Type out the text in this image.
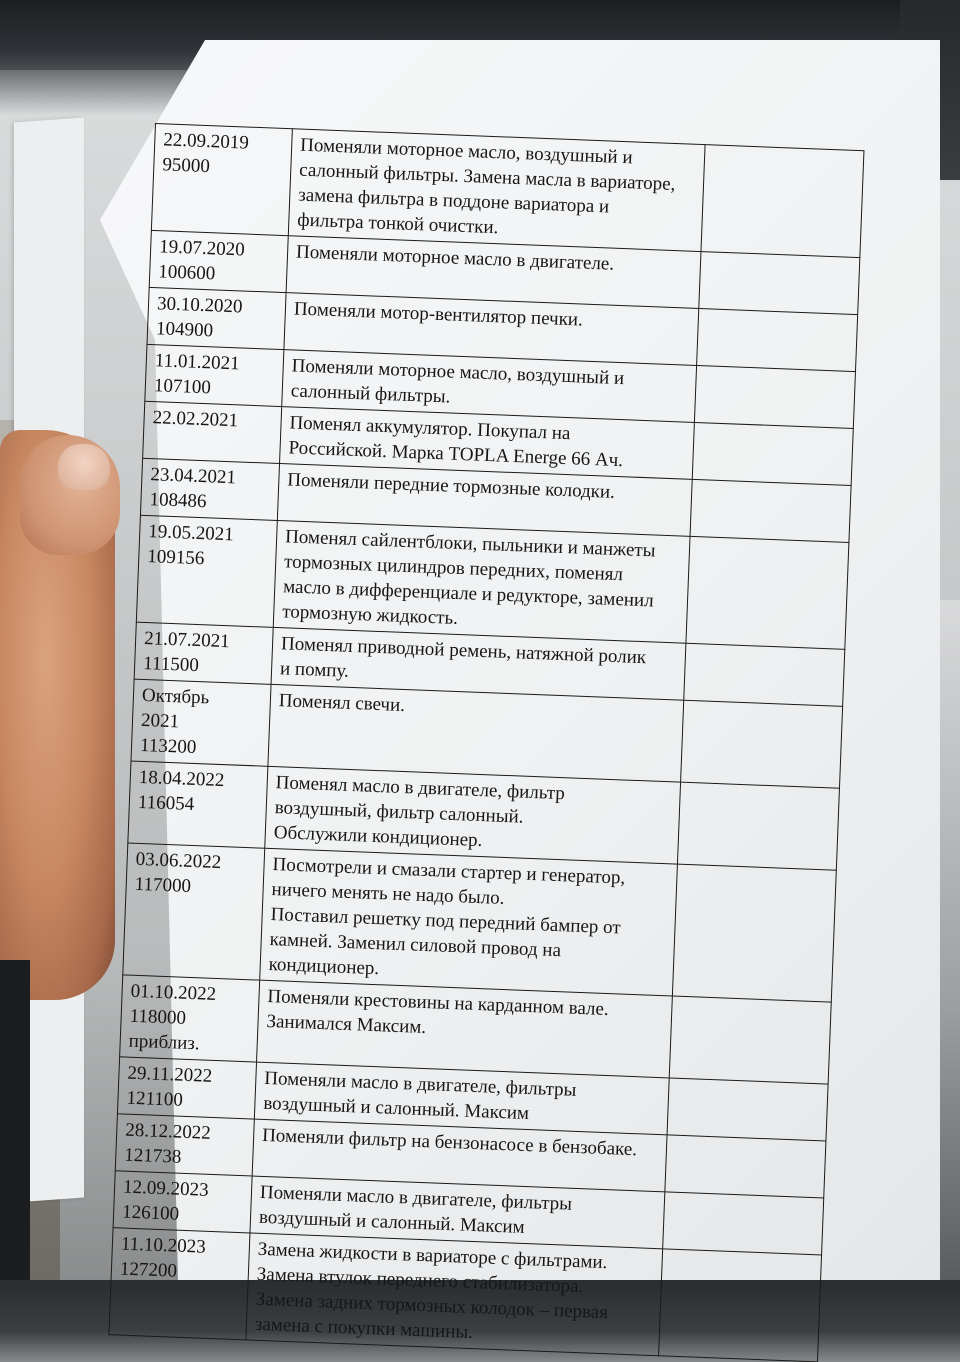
22.09.2019
95000	Поменяли моторное масло, воздушный и
салонный фильтры. Замена масла в вариаторе,
замена фильтра в поддоне вариатора и
фильтра тонкой очистки.	

19.07.2020
100600	Поменяли моторное масло в двигателе.	

30.10.2020
104900	Поменяли мотор-вентилятор печки.	

11.01.2021
107100	Поменяли моторное масло, воздушный и
салонный фильтры.	

22.02.2021	Поменял аккумулятор. Покупал на
Российской. Марка TOPLA Energe 66 Ач.	

23.04.2021
108486	Поменяли передние тормозные колодки.	

19.05.2021
109156	Поменял сайлентблоки, пыльники и манжеты
тормозных цилиндров передних, поменял
масло в дифференциале и редукторе, заменил
тормозную жидкость.	

21.07.2021
111500	Поменял приводной ремень, натяжной ролик
и помпу.	

Октябрь
2021
113200	Поменял свечи.	

18.04.2022
116054	Поменял масло в двигателе, фильтр
воздушный, фильтр салонный.
Обслужили кондиционер.	

03.06.2022
117000	Посмотрели и смазали стартер и генератор,
ничего менять не надо было.
Поставил решетку под передний бампер от
камней. Заменил силовой провод на
кондиционер.	

01.10.2022
118000
приблиз.	Поменяли крестовины на карданном вале.
Занимался Максим.	

29.11.2022
121100	Поменяли масло в двигателе, фильтры
воздушный и салонный. Максим	

28.12.2022
121738	Поменяли фильтр на бензонасосе в бензобаке.	

12.09.2023
126100	Поменяли масло в двигателе, фильтры
воздушный и салонный. Максим	

11.10.2023
127200	Замена жидкости в вариаторе с фильтрами.
Замена втулок переднего стабилизатора.
Замена задних тормозных колодок – первая
замена с покупки машины.	
